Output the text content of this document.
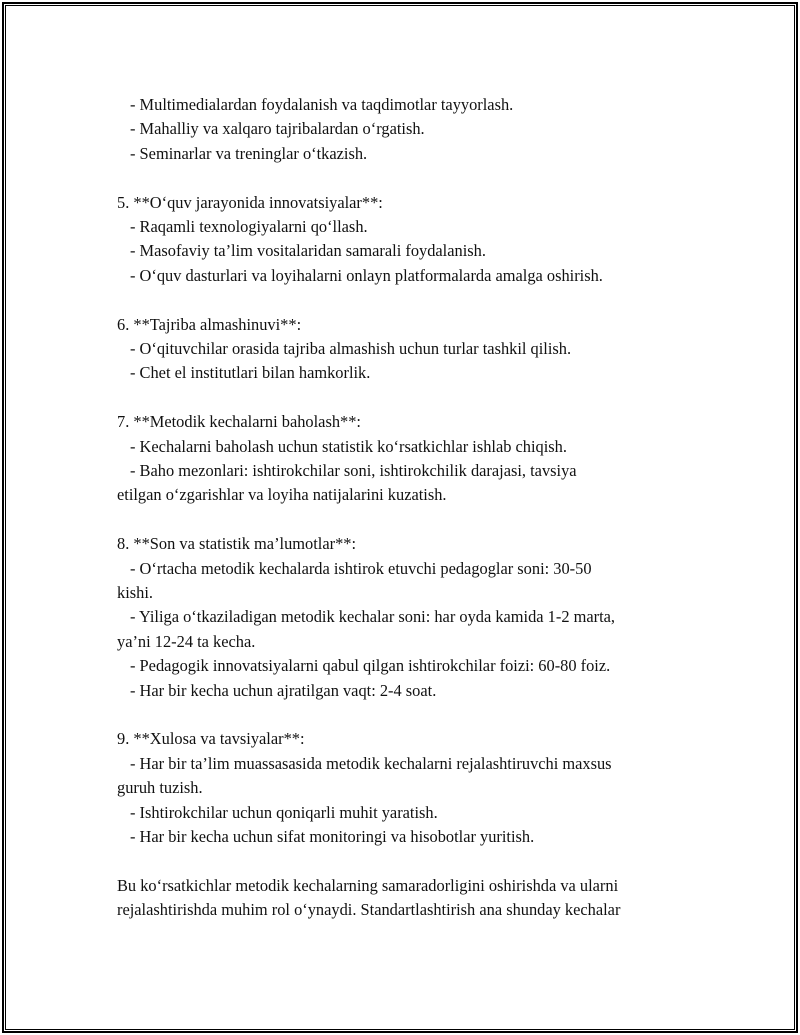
- Multimedialardan foydalanish va taqdimotlar tayyorlash.
- Mahalliy va xalqaro tajribalardan o‘rgatish.
- Seminarlar va treninglar o‘tkazish.
5. **O‘quv jarayonida innovatsiyalar**:
- Raqamli texnologiyalarni qo‘llash.
- Masofaviy ta’lim vositalaridan samarali foydalanish.
- O‘quv dasturlari va loyihalarni onlayn platformalarda amalga oshirish.
6. **Tajriba almashinuvi**:
- O‘qituvchilar orasida tajriba almashish uchun turlar tashkil qilish.
- Chet el institutlari bilan hamkorlik.
7. **Metodik kechalarni baholash**:
- Kechalarni baholash uchun statistik ko‘rsatkichlar ishlab chiqish.
- Baho mezonlari: ishtirokchilar soni, ishtirokchilik darajasi, tavsiya
etilgan o‘zgarishlar va loyiha natijalarini kuzatish.
8. **Son va statistik ma’lumotlar**:
- O‘rtacha metodik kechalarda ishtirok etuvchi pedagoglar soni: 30-50
kishi.
- Yiliga o‘tkaziladigan metodik kechalar soni: har oyda kamida 1-2 marta,
ya’ni 12-24 ta kecha.
- Pedagogik innovatsiyalarni qabul qilgan ishtirokchilar foizi: 60-80 foiz.
- Har bir kecha uchun ajratilgan vaqt: 2-4 soat.
9. **Xulosa va tavsiyalar**:
- Har bir ta’lim muassasasida metodik kechalarni rejalashtiruvchi maxsus
guruh tuzish.
- Ishtirokchilar uchun qoniqarli muhit yaratish.
- Har bir kecha uchun sifat monitoringi va hisobotlar yuritish.
Bu ko‘rsatkichlar metodik kechalarning samaradorligini oshirishda va ularni
rejalashtirishda muhim rol o‘ynaydi. Standartlashtirish ana shunday kechalar
